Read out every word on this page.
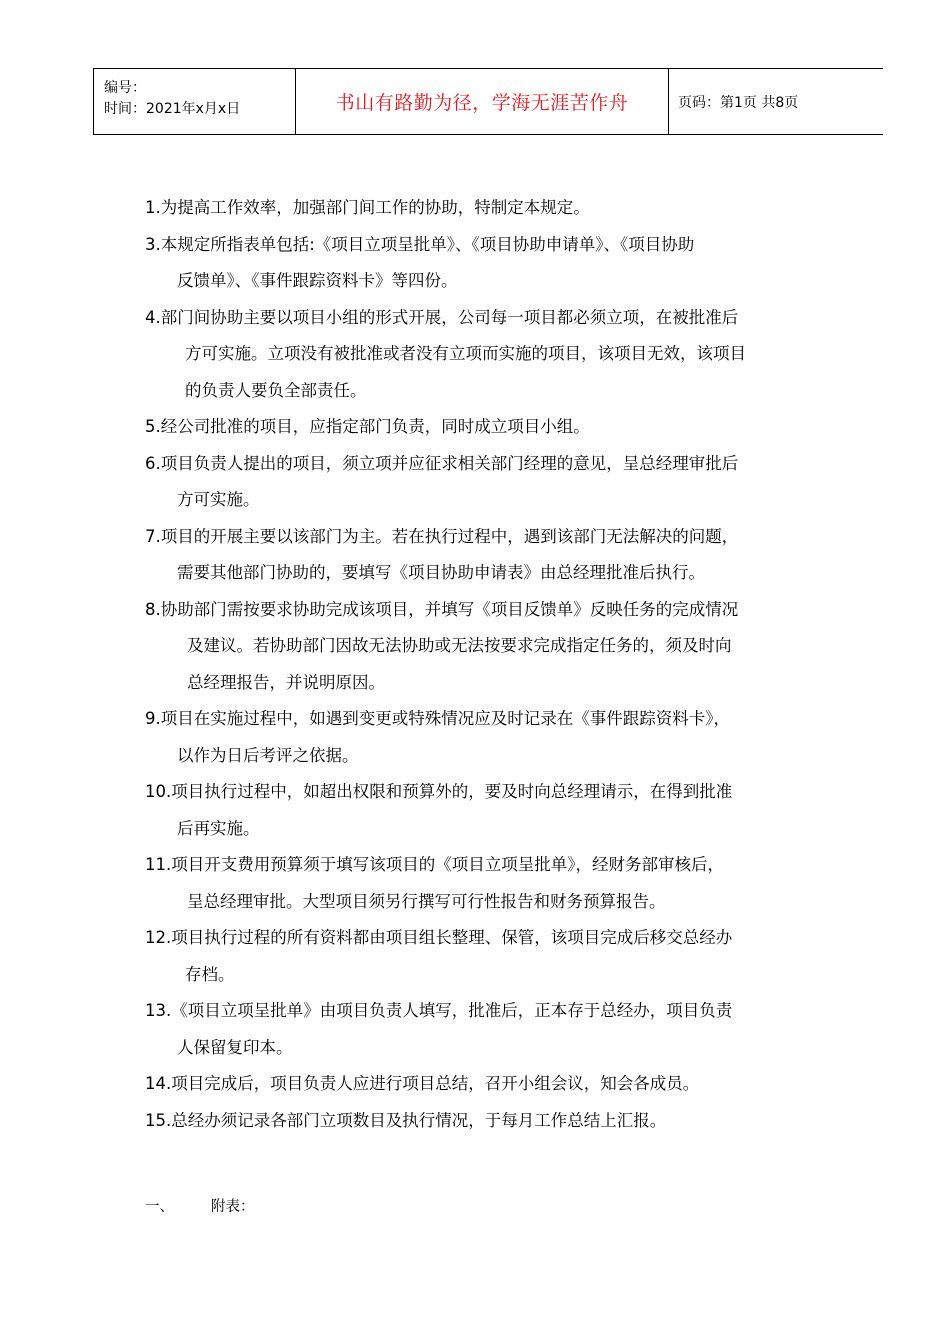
编号：
时间：2021年x月x日	书山有路勤为径，学海无涯苦作舟	页码：第1页 共8页
1.为提高工作效率，加强部门间工作的协助，特制定本规定。
3.本规定所指表单包括:《项目立项呈批单》、《项目协助申请单》、《项目协助
反馈单》、《事件跟踪资料卡》等四份。
4.部门间协助主要以项目小组的形式开展，公司每一项目都必须立项，在被批准后
方可实施。立项没有被批准或者没有立项而实施的项目，该项目无效，该项目
的负责人要负全部责任。
5.经公司批准的项目，应指定部门负责，同时成立项目小组。
6.项目负责人提出的项目，须立项并应征求相关部门经理的意见，呈总经理审批后
方可实施。
7.项目的开展主要以该部门为主。若在执行过程中，遇到该部门无法解决的问题，
需要其他部门协助的，要填写《项目协助申请表》由总经理批准后执行。
8.协助部门需按要求协助完成该项目，并填写《项目反馈单》反映任务的完成情况
及建议。若协助部门因故无法协助或无法按要求完成指定任务的，须及时向
总经理报告，并说明原因。
9.项目在实施过程中，如遇到变更或特殊情况应及时记录在《事件跟踪资料卡》，
以作为日后考评之依据。
10.项目执行过程中，如超出权限和预算外的，要及时向总经理请示，在得到批准
后再实施。
11.项目开支费用预算须于填写该项目的《项目立项呈批单》，经财务部审核后，
呈总经理审批。大型项目须另行撰写可行性报告和财务预算报告。
12.项目执行过程的所有资料都由项目组长整理、保管，该项目完成后移交总经办
存档。
13.《项目立项呈批单》由项目负责人填写，批准后，正本存于总经办，项目负责
人保留复印本。
14.项目完成后，项目负责人应进行项目总结，召开小组会议，知会各成员。
15.总经办须记录各部门立项数目及执行情况，于每月工作总结上汇报。
一、	附表：
